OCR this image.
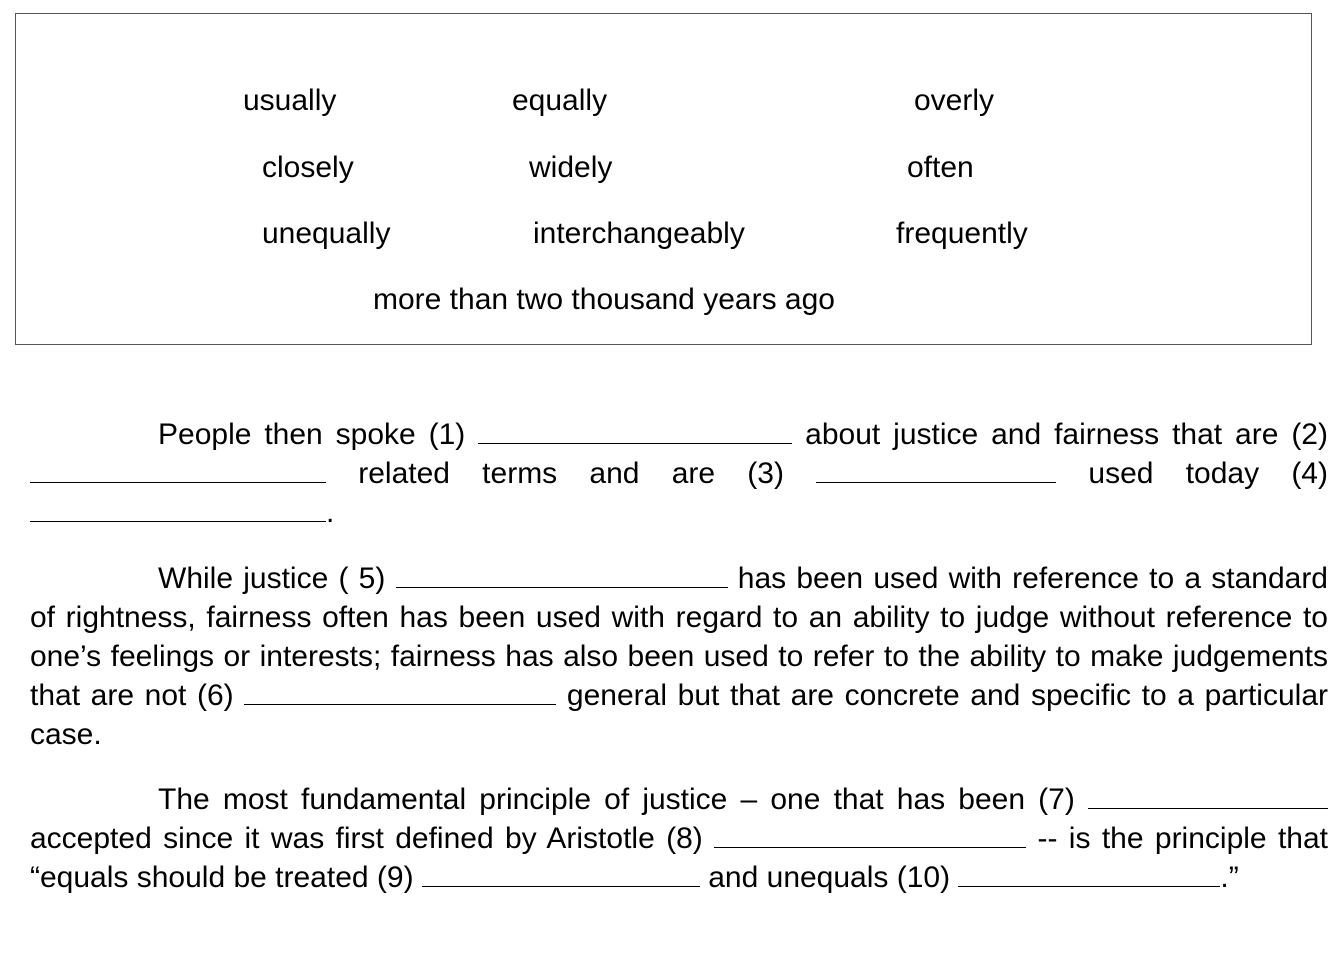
usually	equally	overly
closely	widely	often
unequally	interchangeably	frequently
more than two thousand years ago

People then spoke (1)	about justice and fairness that are (2)  related terms and are (3)	used today (4) .

While justice ( 5)	has been used with reference to a standard of rightness, fairness often has been used with regard to an ability to judge without reference to one’s feelings or interests; fairness has also been used to refer to the ability to make judgements that are not (6)	general but that are concrete and specific to a particular case.

The most fundamental principle of justice – one that has been (7) accepted since it was first defined by Aristotle (8)	-- is the principle that “equals should be treated (9)	and unequals (10)	.”
